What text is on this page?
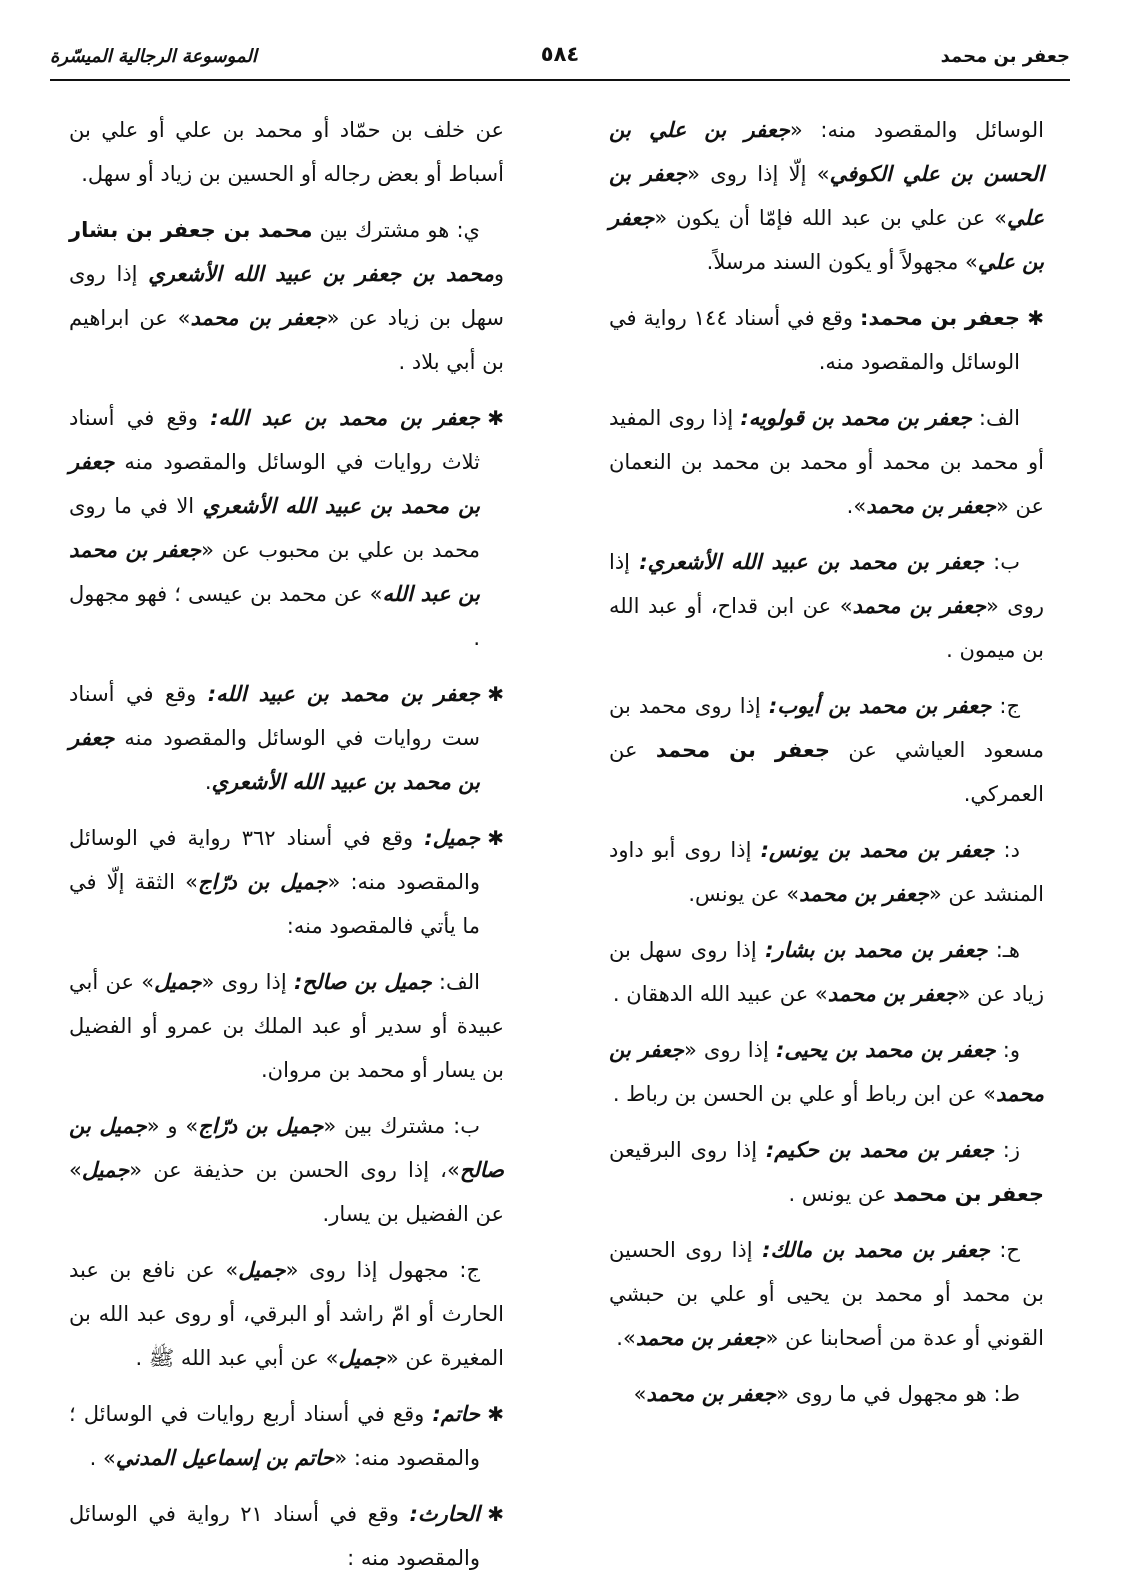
جعفر بن محمد
٥٨٤
الموسوعة الرجالية الميسّرة

الوسائل والمقصود منه: «جعفر بن علي بن الحسن بن علي الكوفي» إلّا إذا روى «جعفر بن علي» عن علي بن عبد الله فإمّا أن يكون «جعفر بن علي» مجهولاً أو يكون السند مرسلاً.

✱
جعفر بن محمد: وقع في أسناد ١٤٤ رواية في الوسائل والمقصود منه.

الف: جعفر بن محمد بن قولويه: إذا روى المفيد أو محمد بن محمد أو محمد بن محمد بن النعمان عن «جعفر بن محمد».

ب: جعفر بن محمد بن عبيد الله الأشعري: إذا روى «جعفر بن محمد» عن ابن قداح، أو عبد الله بن ميمون .

ج: جعفر بن محمد بن أيوب: إذا روى محمد بن مسعود العياشي عن جعفر بن محمد عن العمركي.

د: جعفر بن محمد بن يونس: إذا روى أبو داود المنشد عن «جعفر بن محمد» عن يونس.

هـ: جعفر بن محمد بن بشار: إذا روى سهل بن زياد عن «جعفر بن محمد» عن عبيد الله الدهقان .

و: جعفر بن محمد بن يحيى: إذا روى «جعفر بن محمد» عن ابن رباط أو علي بن الحسن بن رباط .

ز: جعفر بن محمد بن حكيم: إذا روى البرقيعن جعفر بن محمد عن يونس .

ح: جعفر بن محمد بن مالك: إذا روى الحسين بن محمد أو محمد بن يحيى أو علي بن حبشي القوني أو عدة من أصحابنا عن «جعفر بن محمد».

ط: هو مجهول في ما روى «جعفر بن محمد»

عن خلف بن حمّاد أو محمد بن علي أو علي بن أسباط أو بعض رجاله أو الحسين بن زياد أو سهل.

ي: هو مشترك بين محمد بن جعفر بن بشار ومحمد بن جعفر بن عبيد الله الأشعري إذا روى سهل بن زياد عن «جعفر بن محمد» عن ابراهيم بن أبي بلاد .

✱
جعفر بن محمد بن عبد الله: وقع في أسناد ثلاث روايات في الوسائل والمقصود منه جعفر بن محمد بن عبيد الله الأشعري الا في ما روى محمد بن علي بن محبوب عن «جعفر بن محمد بن عبد الله» عن محمد بن عيسى ؛ فهو مجهول .

✱
جعفر بن محمد بن عبيد الله: وقع في أسناد ست روايات في الوسائل والمقصود منه جعفر بن محمد بن عبيد الله الأشعري.

✱
جميل: وقع في أسناد ٣٦٢ رواية في الوسائل والمقصود منه: «جميل بن درّاج» الثقة إلّا في ما يأتي فالمقصود منه:

الف: جميل بن صالح: إذا روى «جميل» عن أبي عبيدة أو سدير أو عبد الملك بن عمرو أو الفضيل بن يسار أو محمد بن مروان.

ب: مشترك بين «جميل بن درّاج» و «جميل بن صالح»، إذا روى الحسن بن حذيفة عن «جميل» عن الفضيل بن يسار.

ج: مجهول إذا روى «جميل» عن نافع بن عبد الحارث أو امّ راشد أو البرقي، أو روى عبد الله بن المغيرة عن «جميل» عن أبي عبد الله ﷺ .

✱
حاتم: وقع في أسناد أربع روايات في الوسائل ؛ والمقصود منه: «حاتم بن إسماعيل المدني» .

✱
الحارث: وقع في أسناد ٢١ رواية في الوسائل والمقصود منه :
